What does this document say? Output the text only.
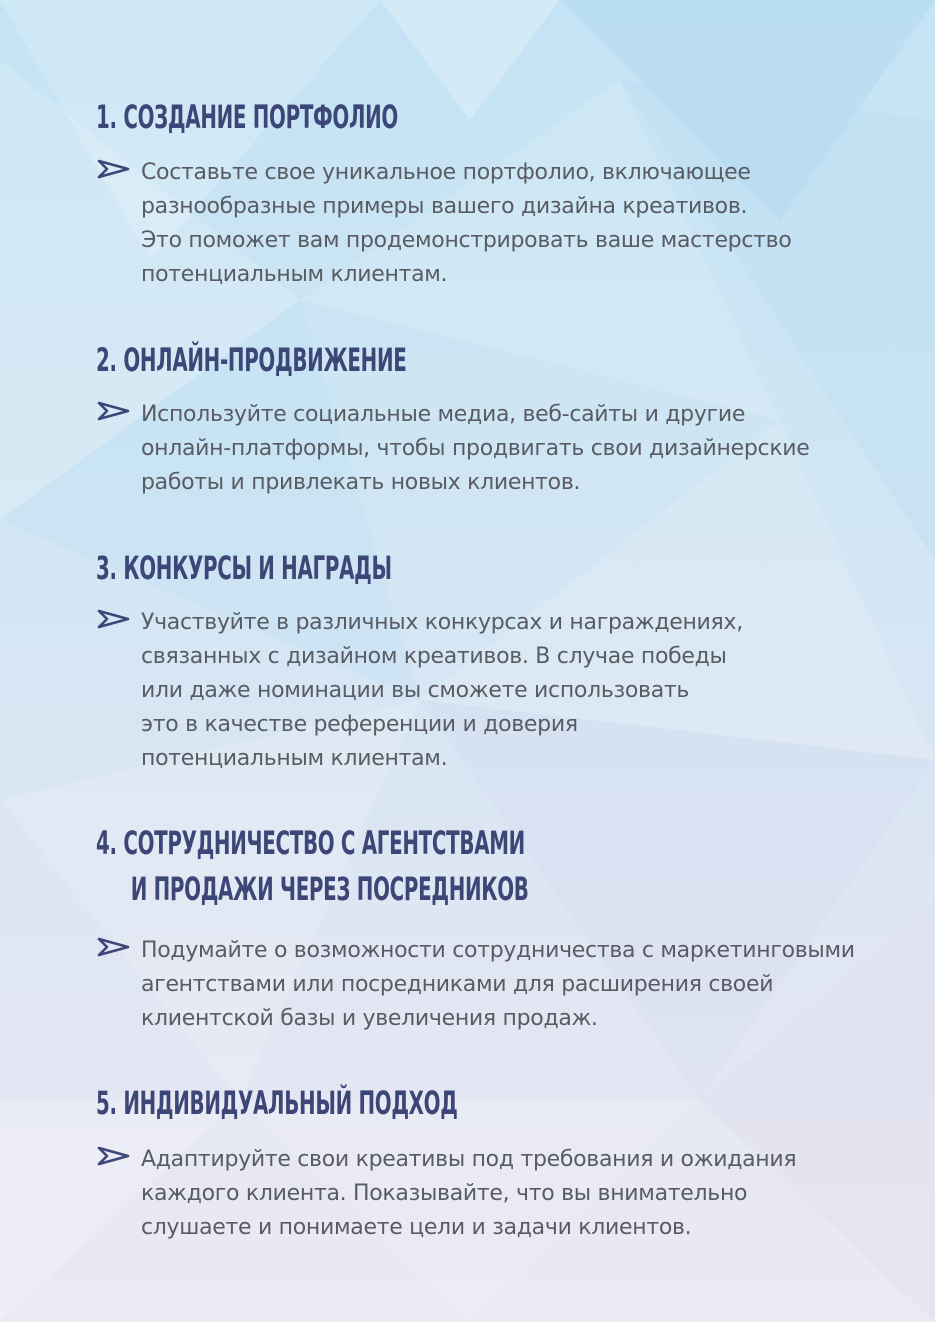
1. СОЗДАНИЕ ПОРТФОЛИО

Составьте свое уникальное портфолио, включающее
разнообразные примеры вашего дизайна креативов.
Это поможет вам продемонстрировать ваше мастерство
потенциальным клиентам.

2. ОНЛАЙН-ПРОДВИЖЕНИЕ

Используйте социальные медиа, веб-сайты и другие
онлайн-платформы, чтобы продвигать свои дизайнерские
работы и привлекать новых клиентов.

3. КОНКУРСЫ И НАГРАДЫ

Участвуйте в различных конкурсах и награждениях,
связанных с дизайном креативов. В случае победы
или даже номинации вы сможете использовать
это в качестве референции и доверия
потенциальным клиентам.

4. СОТРУДНИЧЕСТВО С АГЕНТСТВАМИ
И ПРОДАЖИ ЧЕРЕЗ ПОСРЕДНИКОВ

Подумайте о возможности сотрудничества с маркетинговыми
агентствами или посредниками для расширения своей
клиентской базы и увеличения продаж.

5. ИНДИВИДУАЛЬНЫЙ ПОДХОД

Адаптируйте свои креативы под требования и ожидания
каждого клиента. Показывайте, что вы внимательно
слушаете и понимаете цели и задачи клиентов.
